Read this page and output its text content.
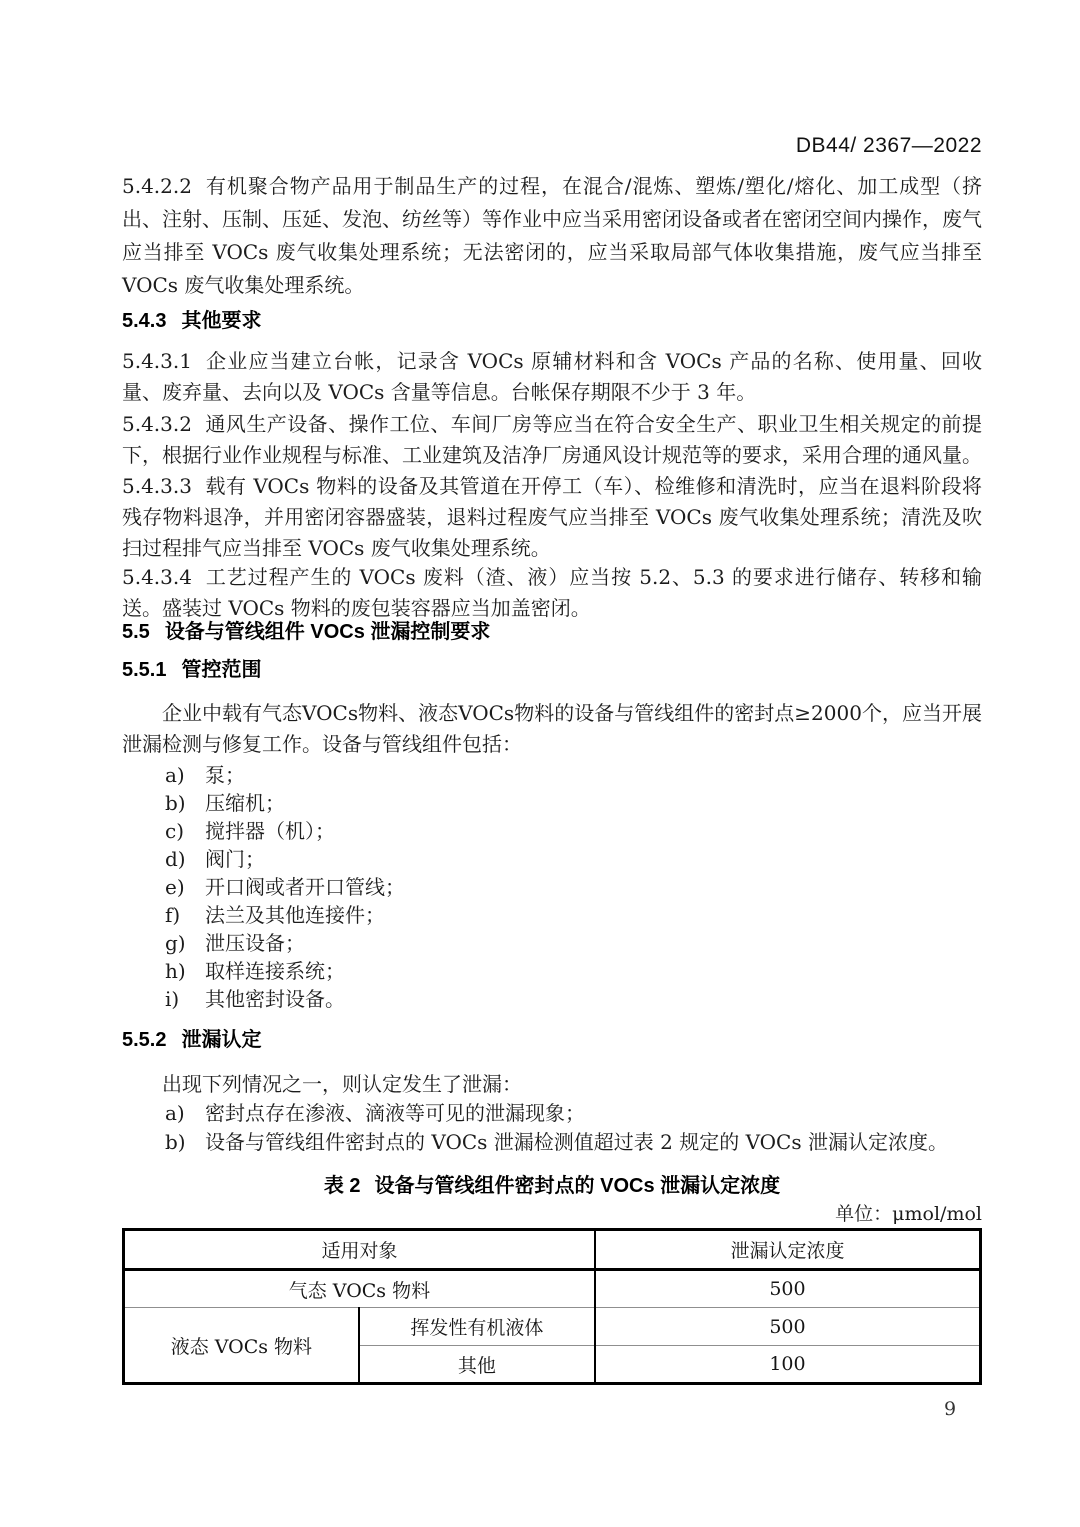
DB44/ 2367—2022

5.4.2.2 有机聚合物产品用于制品生产的过程，在混合/混炼、塑炼/塑化/熔化、加工成型（挤出、注射、压制、压延、发泡、纺丝等）等作业中应当采用密闭设备或者在密闭空间内操作，废气应当排至 VOCs 废气收集处理系统；无法密闭的，应当采取局部气体收集措施，废气应当排至 VOCs 废气收集处理系统。

5.4.3 其他要求

5.4.3.1 企业应当建立台帐，记录含 VOCs 原辅材料和含 VOCs 产品的名称、使用量、回收量、废弃量、去向以及 VOCs 含量等信息。台帐保存期限不少于 3 年。

5.4.3.2 通风生产设备、操作工位、车间厂房等应当在符合安全生产、职业卫生相关规定的前提下，根据行业作业规程与标准、工业建筑及洁净厂房通风设计规范等的要求，采用合理的通风量。

5.4.3.3 载有 VOCs 物料的设备及其管道在开停工（车）、检维修和清洗时，应当在退料阶段将残存物料退净，并用密闭容器盛装，退料过程废气应当排至 VOCs 废气收集处理系统；清洗及吹扫过程排气应当排至 VOCs 废气收集处理系统。

5.4.3.4 工艺过程产生的 VOCs 废料（渣、液）应当按 5.2、5.3 的要求进行储存、转移和输送。盛装过 VOCs 物料的废包装容器应当加盖密闭。

5.5 设备与管线组件 VOCs 泄漏控制要求
5.5.1 管控范围

企业中载有气态VOCs物料、液态VOCs物料的设备与管线组件的密封点≥2000个，应当开展泄漏检测与修复工作。设备与管线组件包括：

a) 泵；
b) 压缩机；
c) 搅拌器（机）；
d) 阀门；
e) 开口阀或者开口管线；
f) 法兰及其他连接件；
g) 泄压设备；
h) 取样连接系统；
i) 其他密封设备。
5.5.2 泄漏认定

出现下列情况之一，则认定发生了泄漏：

a) 密封点存在渗液、滴液等可见的泄漏现象；
b) 设备与管线组件密封点的 VOCs 泄漏检测值超过表 2 规定的 VOCs 泄漏认定浓度。
表 2 设备与管线组件密封点的 VOCs 泄漏认定浓度
单位：μmol/mol
适用对象		泄漏认定浓度
气态 VOCs 物料		500
液态 VOCs 物料	挥发性有机液体	500
	其他	100
9
